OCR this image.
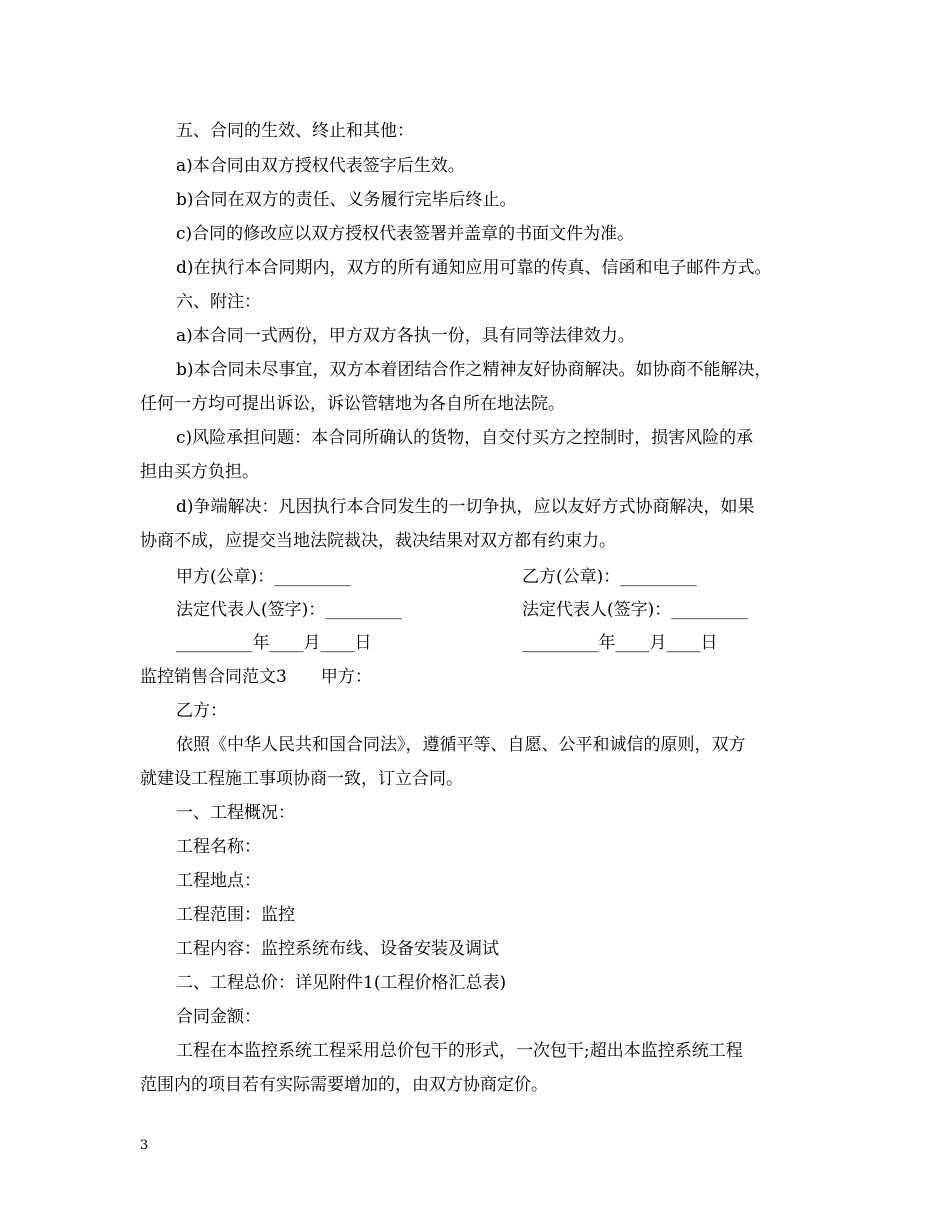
五、合同的生效、终止和其他：
a)本合同由双方授权代表签字后生效。
b)合同在双方的责任、义务履行完毕后终止。
c)合同的修改应以双方授权代表签署并盖章的书面文件为准。
d)在执行本合同期内，双方的所有通知应用可靠的传真、信函和电子邮件方式。
六、附注：
a)本合同一式两份，甲方双方各执一份，具有同等法律效力。
b)本合同未尽事宜，双方本着团结合作之精神友好协商解决。如协商不能解决，
任何一方均可提出诉讼，诉讼管辖地为各自所在地法院。
c)风险承担问题：本合同所确认的货物，自交付买方之控制时，损害风险的承
担由买方负担。
d)争端解决：凡因执行本合同发生的一切争执，应以友好方式协商解决，如果
协商不成，应提交当地法院裁决，裁决结果对双方都有约束力。
甲方(公章)：_________	乙方(公章)：_________
法定代表人(签字)：_________	法定代表人(签字)：_________
_________年____月____日	_________年____月____日
监控销售合同范文3　　甲方：
乙方：
依照《中华人民共和国合同法》，遵循平等、自愿、公平和诚信的原则，双方
就建设工程施工事项协商一致，订立合同。
一、工程概况：
工程名称：
工程地点：
工程范围：监控
工程内容：监控系统布线、设备安装及调试
二、工程总价：详见附件1(工程价格汇总表)
合同金额：
工程在本监控系统工程采用总价包干的形式，一次包干;超出本监控系统工程
范围内的项目若有实际需要增加的，由双方协商定价。
3
